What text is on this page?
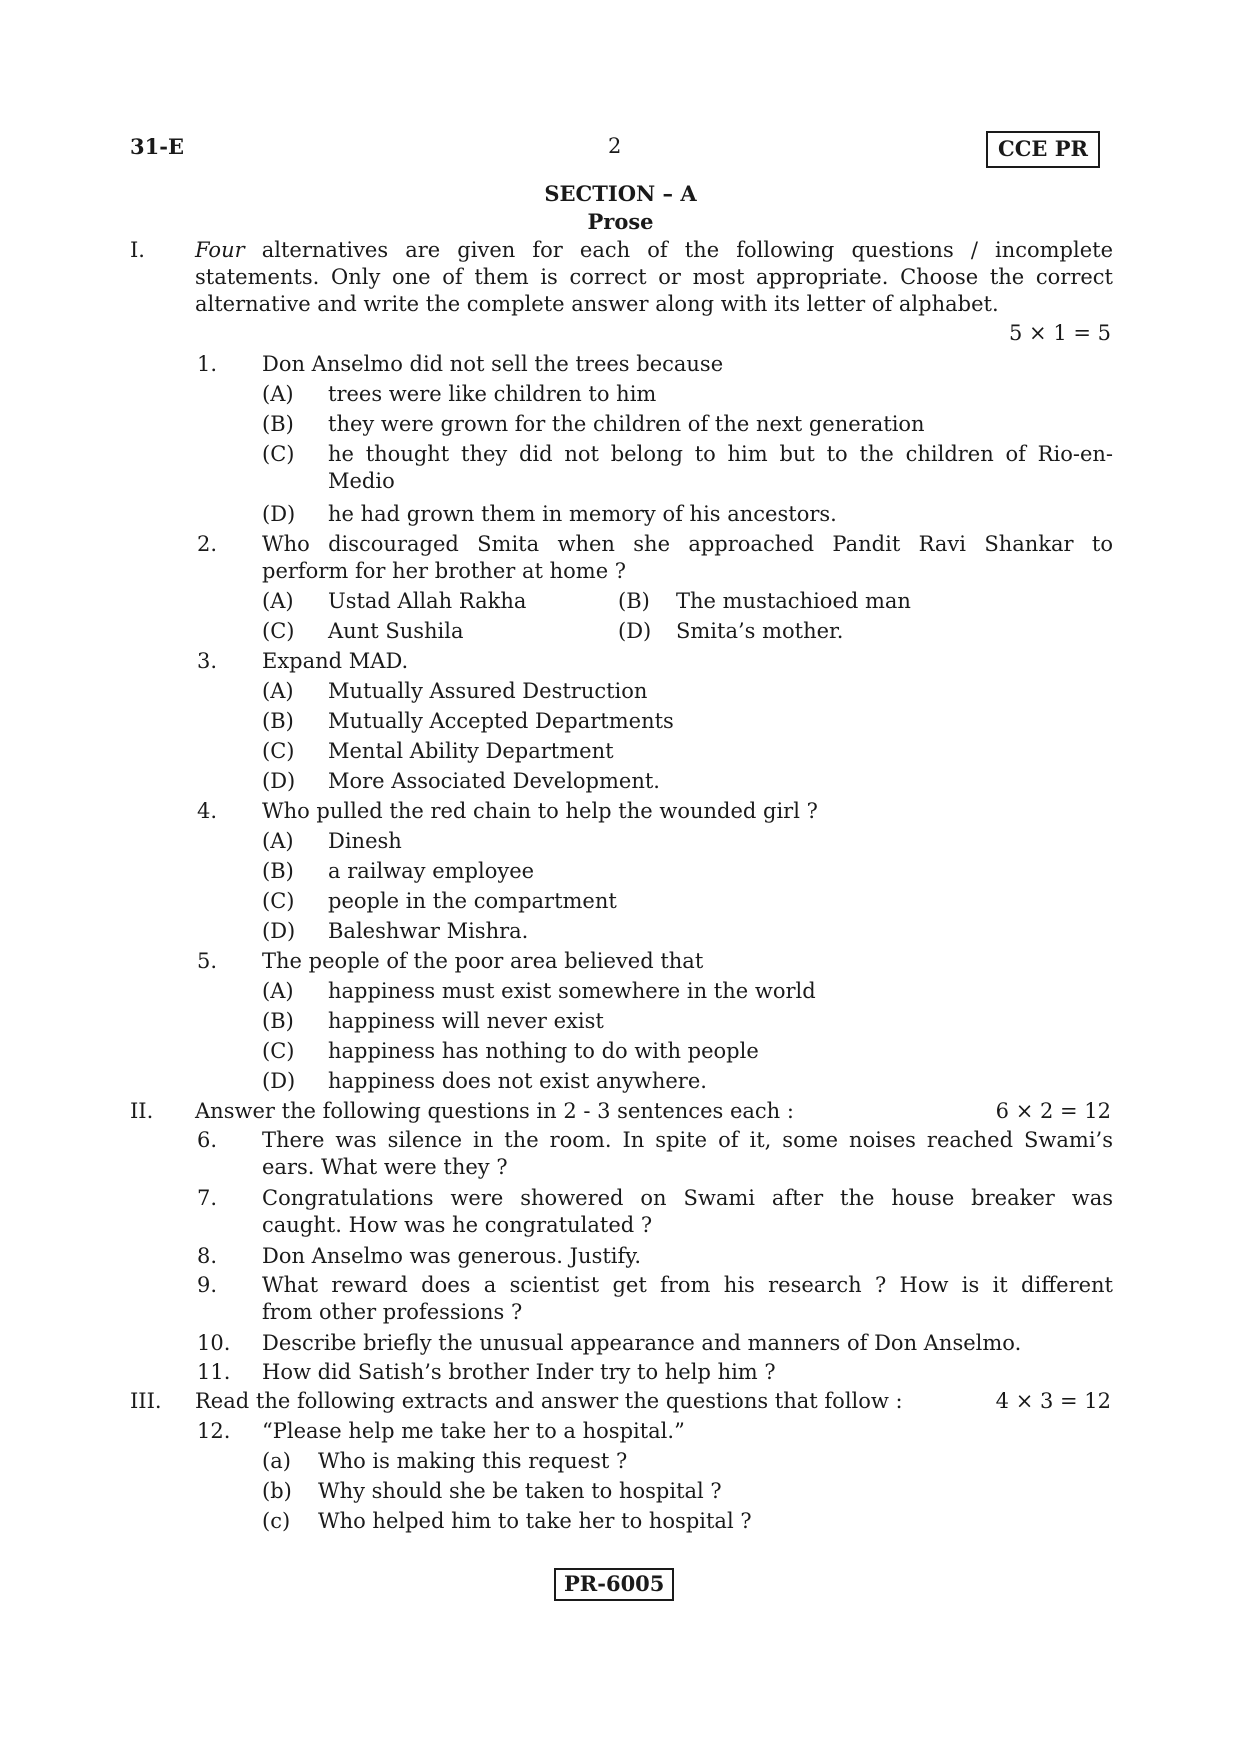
31-E	2	CCE PR
SECTION – A
Prose
I. Four alternatives are given for each of the following questions / incomplete
statements. Only one of them is correct or most appropriate. Choose the correct
alternative and write the complete answer along with its letter of alphabet.
5 × 1 = 5
1. Don Anselmo did not sell the trees because
(A) trees were like children to him
(B) they were grown for the children of the next generation
(C) he thought they did not belong to him but to the children of Rio-en-
Medio
(D) he had grown them in memory of his ancestors.
2. Who discouraged Smita when she approached Pandit Ravi Shankar to
perform for her brother at home ?
(A) Ustad Allah Rakha	(B) The mustachioed man
(C) Aunt Sushila	(D) Smita’s mother.
3. Expand MAD.
(A) Mutually Assured Destruction
(B) Mutually Accepted Departments
(C) Mental Ability Department
(D) More Associated Development.
4. Who pulled the red chain to help the wounded girl ?
(A) Dinesh
(B) a railway employee
(C) people in the compartment
(D) Baleshwar Mishra.
5. The people of the poor area believed that
(A) happiness must exist somewhere in the world
(B) happiness will never exist
(C) happiness has nothing to do with people
(D) happiness does not exist anywhere.
II. Answer the following questions in 2 - 3 sentences each :	6 × 2 = 12
6. There was silence in the room. In spite of it, some noises reached Swami’s
ears. What were they ?
7. Congratulations were showered on Swami after the house breaker was
caught. How was he congratulated ?
8. Don Anselmo was generous. Justify.
9. What reward does a scientist get from his research ? How is it different
from other professions ?
10. Describe briefly the unusual appearance and manners of Don Anselmo.
11. How did Satish’s brother Inder try to help him ?
III. Read the following extracts and answer the questions that follow :	4 × 3 = 12
12. “Please help me take her to a hospital.”
(a) Who is making this request ?
(b) Why should she be taken to hospital ?
(c) Who helped him to take her to hospital ?
PR-6005
